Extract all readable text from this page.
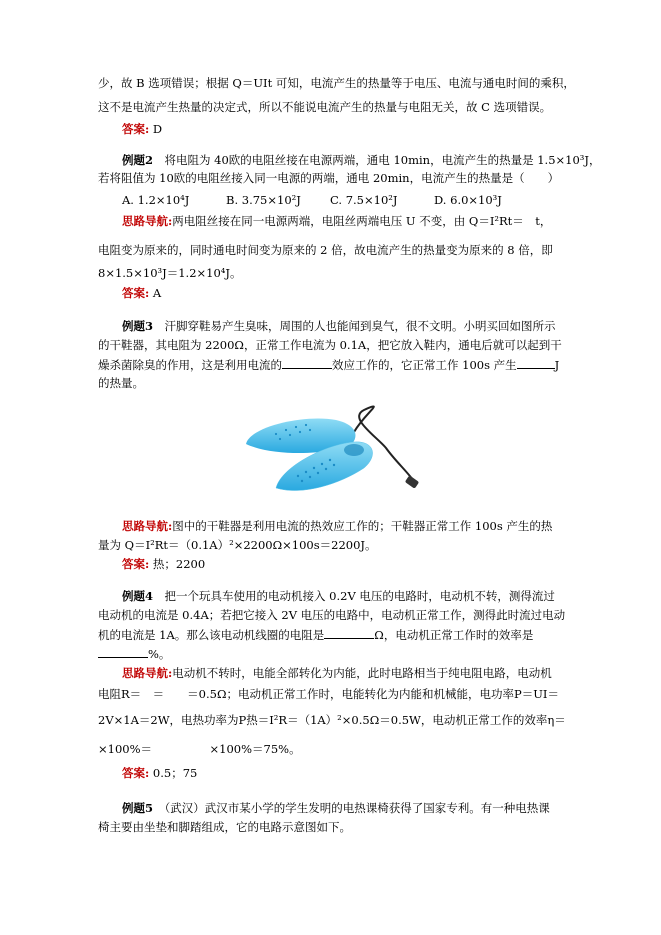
少，故 B 选项错误；根据 Q＝UIt 可知，电流产生的热量等于电压、电流与通电时间的乘积，
这不是电流产生热量的决定式，所以不能说电流产生的热量与电阻无关，故 C 选项错误。
答案: D
例题2　 将电阻为 40欧的电阻丝接在电源两端，通电 10min，电流产生的热量是 1.5×10³J，
若将阻值为 10欧的电阻丝接入同一电源的两端，通电 20min，电流产生的热量是（　　）
A. 1.2×10⁴J	B. 3.75×10²J	C. 7.5×10²J	D. 6.0×10³J
思路导航:两电阻丝接在同一电源两端，电阻丝两端电压 U 不变，由 Q＝I²Rt＝　t，
电阻变为原来的，同时通电时间变为原来的 2 倍，故电流产生的热量变为原来的 8 倍，即
8×1.5×10³J＝1.2×10⁴J。
答案: A
例题3　 汗脚穿鞋易产生臭味，周围的人也能闻到臭气，很不文明。小明买回如图所示
的干鞋器，其电阻为 2200Ω，正常工作电流为 0.1A，把它放入鞋内，通电后就可以起到干
燥杀菌除臭的作用，这是利用电流的	效应工作的，它正常工作 100s 产生	J
的热量。
思路导航:图中的干鞋器是利用电流的热效应工作的；干鞋器正常工作 100s 产生的热
量为 Q＝I²Rt＝（0.1A）²×2200Ω×100s＝2200J。
答案: 热；2200
例题4　 把一个玩具车使用的电动机接入 0.2V 电压的电路时，电动机不转，测得流过
电动机的电流是 0.4A；若把它接入 2V 电压的电路中，电动机正常工作，测得此时流过电动
机的电流是 1A。那么该电动机线圈的电阻是	Ω，电动机正常工作时的效率是
%。
思路导航:电动机不转时，电能全部转化为内能，此时电路相当于纯电阻电路，电动机
电阻R＝　＝　　＝0.5Ω；电动机正常工作时，电能转化为内能和机械能，电功率P＝UI＝
2V×1A＝2W，电热功率为P热＝I²R＝（1A）²×0.5Ω＝0.5W，电动机正常工作的效率η＝
×100%＝　　　　　×100%＝75%。
答案: 0.5；75
例题5　 （武汉）武汉市某小学的学生发明的电热课椅获得了国家专利。有一种电热课
椅主要由坐垫和脚踏组成，它的电路示意图如下。
